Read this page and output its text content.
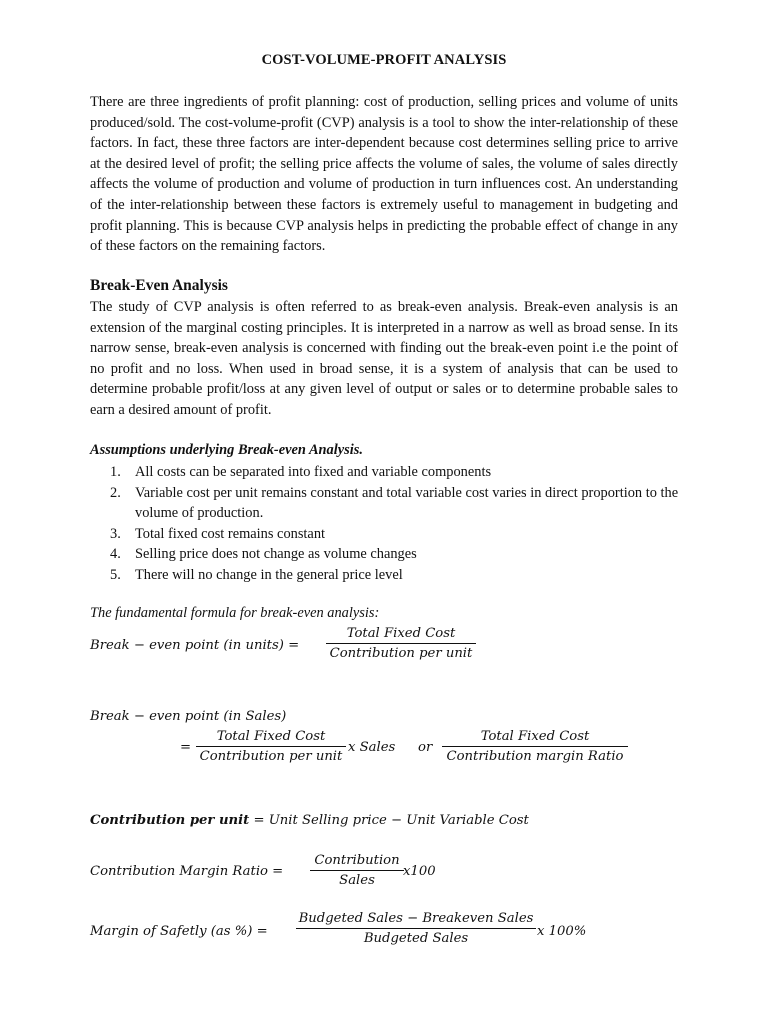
COST-VOLUME-PROFIT ANALYSIS

There are three ingredients of profit planning: cost of production, selling prices and volume of units produced/sold. The cost-volume-profit (CVP) analysis is a tool to show the inter-relationship of these factors. In fact, these three factors are inter-dependent because cost determines selling price to arrive at the desired level of profit; the selling price affects the volume of sales, the volume of sales directly affects the volume of production and volume of production in turn influences cost. An understanding of the inter-relationship between these factors is extremely useful to management in budgeting and profit planning. This is because CVP analysis helps in predicting the probable effect of change in any of these factors on the remaining factors.

Break-Even Analysis

The study of CVP analysis is often referred to as break-even analysis. Break-even analysis is an extension of the marginal costing principles. It is interpreted in a narrow as well as broad sense. In its narrow sense, break-even analysis is concerned with finding out the break-even point i.e the point of no profit and no loss. When used in broad sense, it is a system of analysis that can be used to determine probable profit/loss at any given level of output or sales or to determine probable sales to earn a desired amount of profit.

Assumptions underlying Break-even Analysis.
1. All costs can be separated into fixed and variable components
2. Variable cost per unit remains constant and total variable cost varies in direct proportion to the volume of production.
3. Total fixed cost remains constant
4. Selling price does not change as volume changes
5. There will no change in the general price level
The fundamental formula for break-even analysis:
Break − even point (in units) =
Total Fixed Cost
Contribution per unit
Break − even point (in Sales)
=
Total Fixed Cost
Contribution per unit
x Sales or
Total Fixed Cost
Contribution margin Ratio
Contribution per unit = Unit Selling price − Unit Variable Cost
Contribution Margin Ratio =
Contribution
Sales
x100
Margin of Safetly (as %) =
Budgeted Sales − Breakeven Sales
Budgeted Sales	x 100%
